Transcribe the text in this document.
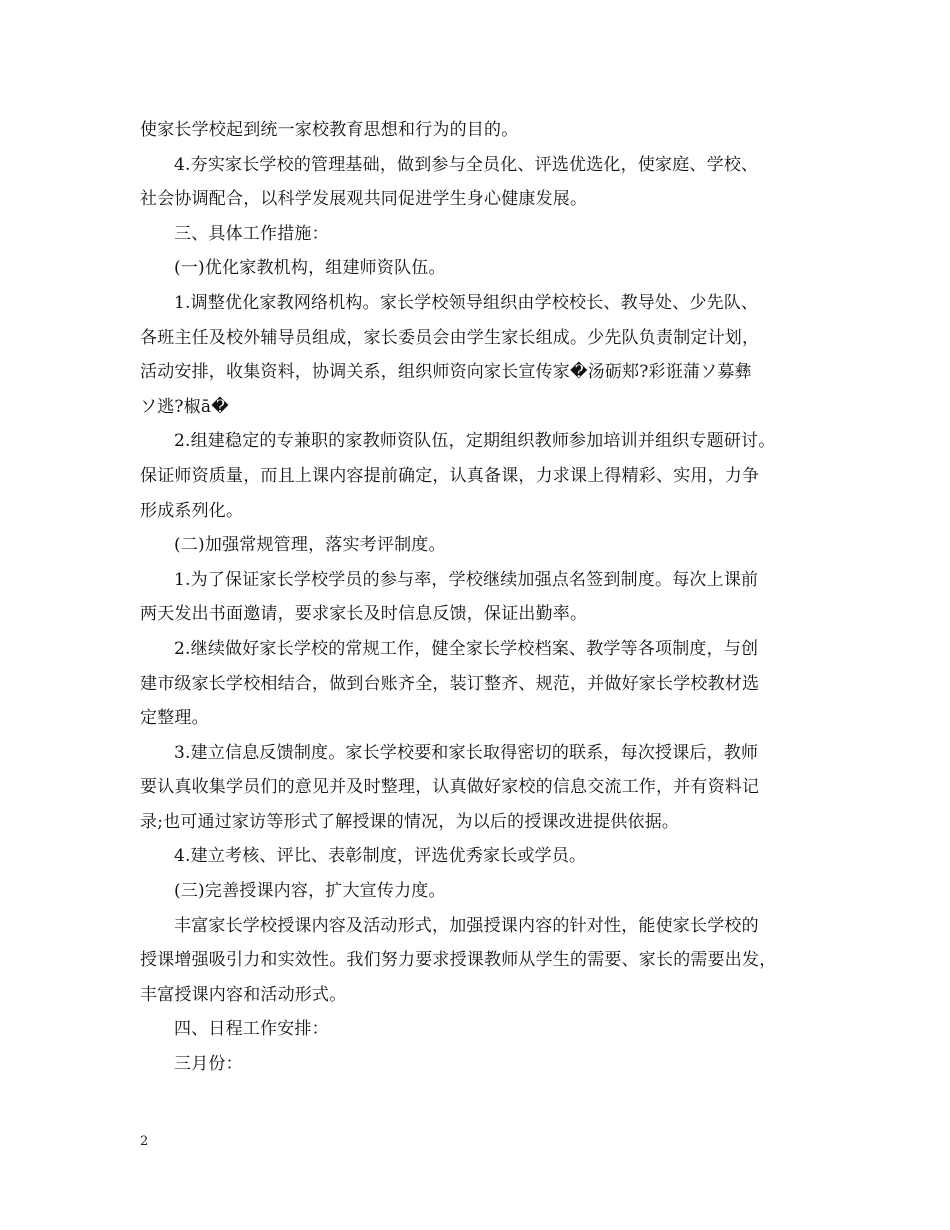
使家长学校起到统一家校教育思想和行为的目的。
4.夯实家长学校的管理基础，做到参与全员化、评选优选化，使家庭、学校、
社会协调配合，以科学发展观共同促进学生身心健康发展。
三、具体工作措施：
(一)优化家教机构，组建师资队伍。
1.调整优化家教网络机构。家长学校领导组织由学校校长、教导处、少先队、
各班主任及校外辅导员组成，家长委员会由学生家长组成。少先队负责制定计划，
活动安排，收集资料，协调关系，组织师资向家长宣传家�汤砺郏?彩诳蒲ソ募彝
ソ逃?椒ā�
2.组建稳定的专兼职的家教师资队伍，定期组织教师参加培训并组织专题研讨。
保证师资质量，而且上课内容提前确定，认真备课，力求课上得精彩、实用，力争
形成系列化。
(二)加强常规管理，落实考评制度。
1.为了保证家长学校学员的参与率，学校继续加强点名签到制度。每次上课前
两天发出书面邀请，要求家长及时信息反馈，保证出勤率。
2.继续做好家长学校的常规工作，健全家长学校档案、教学等各项制度，与创
建市级家长学校相结合，做到台账齐全，装订整齐、规范，并做好家长学校教材选
定整理。
3.建立信息反馈制度。家长学校要和家长取得密切的联系，每次授课后，教师
要认真收集学员们的意见并及时整理，认真做好家校的信息交流工作，并有资料记
录;也可通过家访等形式了解授课的情况，为以后的授课改进提供依据。
4.建立考核、评比、表彰制度，评选优秀家长或学员。
(三)完善授课内容，扩大宣传力度。
丰富家长学校授课内容及活动形式，加强授课内容的针对性，能使家长学校的
授课增强吸引力和实效性。我们努力要求授课教师从学生的需要、家长的需要出发，
丰富授课内容和活动形式。
四、日程工作安排：
三月份：
2
